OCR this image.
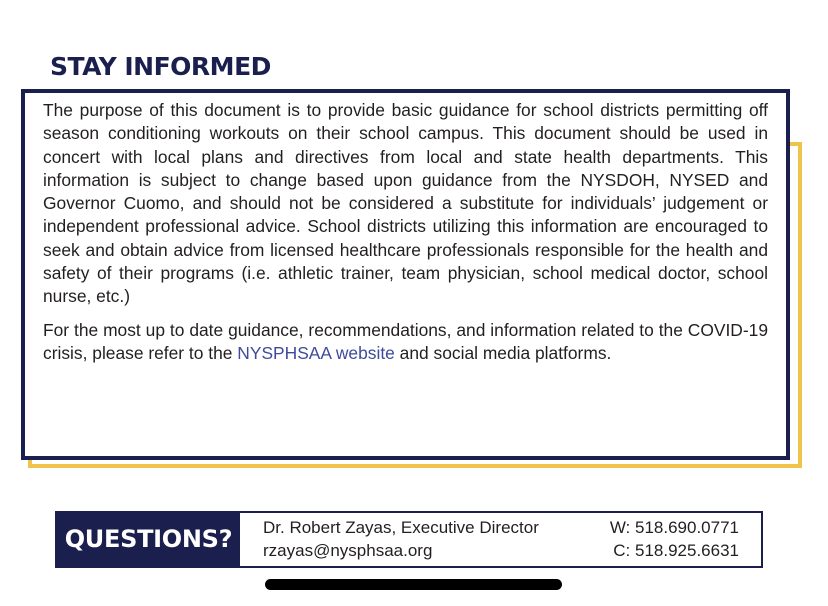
STAY INFORMED

The purpose of this document is to provide basic guidance for school districts permitting off season conditioning workouts on their school campus. This document should be used in concert with local plans and directives from local and state health departments. This information is subject to change based upon guidance from the NYSDOH, NYSED and Governor Cuomo, and should not be considered a substitute for individuals’ judgement or independent professional advice. School districts utilizing this information are encouraged to seek and obtain advice from licensed healthcare professionals responsible for the health and safety of their programs (i.e. athletic trainer, team physician, school medical doctor, school nurse, etc.)

For the most up to date guidance, recommendations, and information related to the COVID-19 crisis, please refer to the NYSPHSAA website and social media platforms.

QUESTIONS?	Dr. Robert Zayas, Executive Director
rzayas@nysphsaa.org
W: 518.690.0771
C: 518.925.6631
